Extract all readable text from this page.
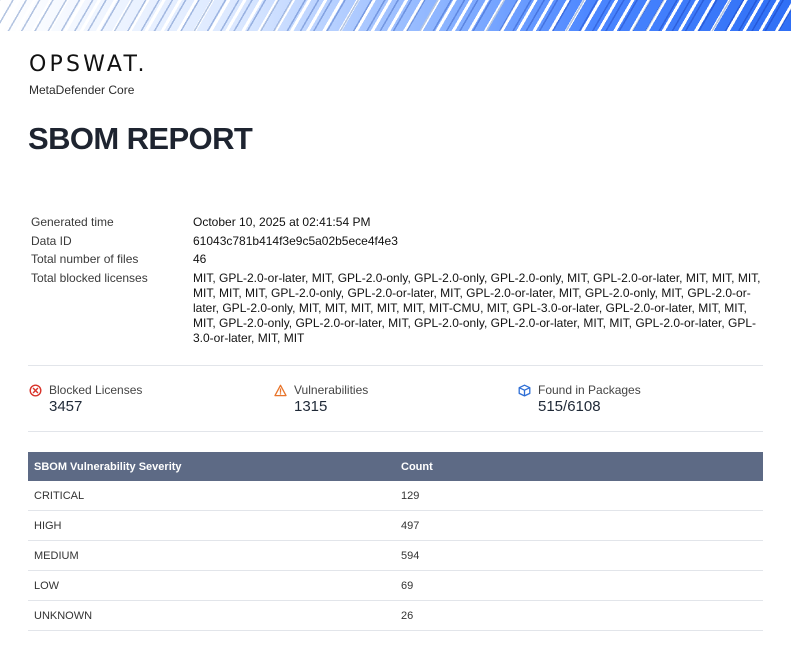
OPSWAT.
MetaDefender Core
SBOM REPORT
Generated time	October 10, 2025 at 02:41:54 PM
Data ID	61043c781b414f3e9c5a02b5ece4f4e3
Total number of files	46
Total blocked licenses	MIT, GPL-2.0-or-later, MIT, GPL-2.0-only, GPL-2.0-only, GPL-2.0-only, MIT, GPL-2.0-or-later, MIT, MIT, MIT, MIT, MIT, MIT, GPL-2.0-only, GPL-2.0-or-later, MIT, GPL-2.0-or-later, MIT, GPL-2.0-only, MIT, GPL-2.0-or-later, GPL-2.0-only, MIT, MIT, MIT, MIT, MIT, MIT-CMU, MIT, GPL-3.0-or-later, GPL-2.0-or-later, MIT, MIT, MIT, GPL-2.0-only, GPL-2.0-or-later, MIT, GPL-2.0-only, GPL-2.0-or-later, MIT, MIT, GPL-2.0-or-later, GPL-3.0-or-later, MIT, MIT
Blocked Licenses
3457
Vulnerabilities
1315
Found in Packages
515/6108
SBOM Vulnerability Severity	Count
CRITICAL	129
HIGH	497
MEDIUM	594
LOW	69
UNKNOWN	26
